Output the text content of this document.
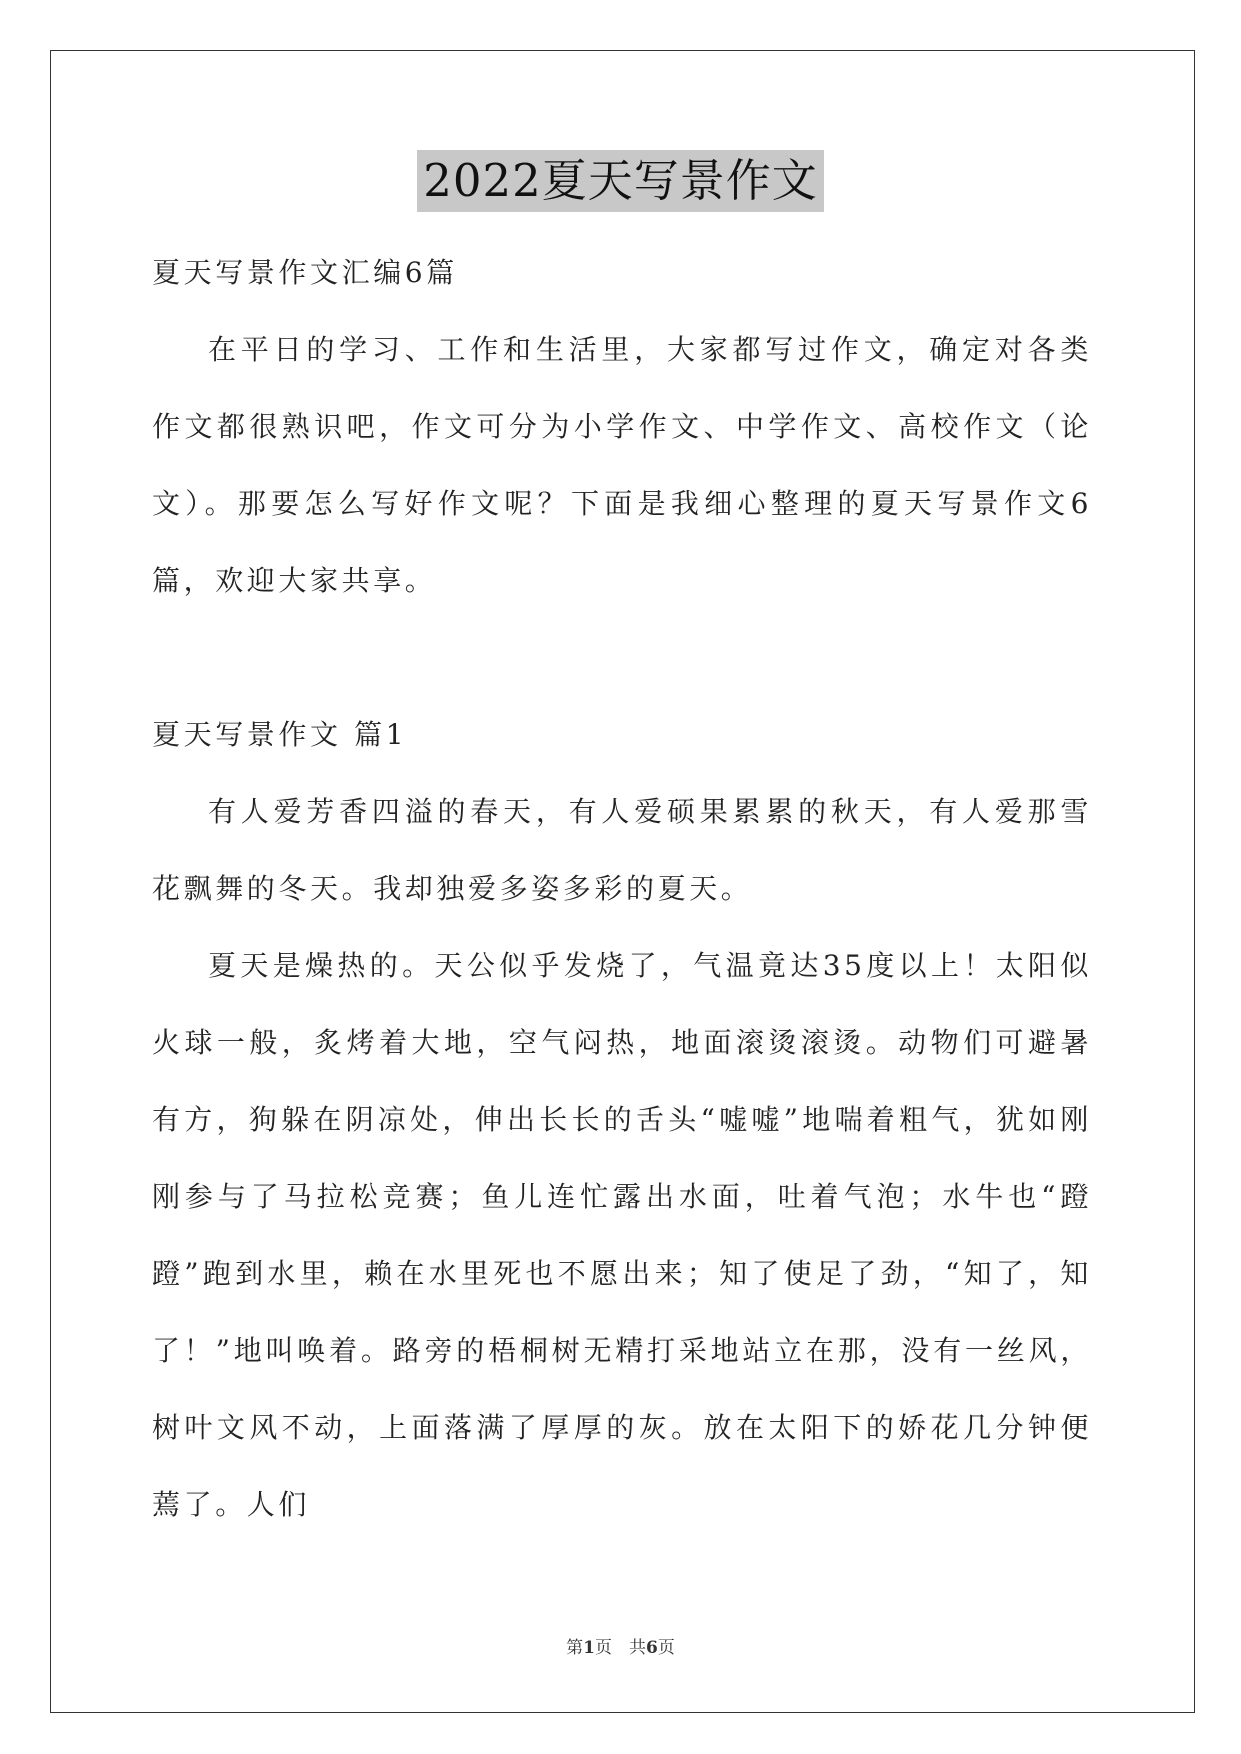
2022夏天写景作文

夏天写景作文汇编6篇

在平日的学习、工作和生活里，大家都写过作文，确定对各类作文都很熟识吧，作文可分为小学作文、中学作文、高校作文（论文）。那要怎么写好作文呢？下面是我细心整理的夏天写景作文6篇，欢迎大家共享。

夏天写景作文 篇1

有人爱芳香四溢的春天，有人爱硕果累累的秋天，有人爱那雪花飘舞的冬天。我却独爱多姿多彩的夏天。

夏天是燥热的。天公似乎发烧了，气温竟达35度以上！太阳似火球一般，炙烤着大地，空气闷热，地面滚烫滚烫。动物们可避暑有方，狗躲在阴凉处，伸出长长的舌头“嘘嘘”地喘着粗气，犹如刚刚参与了马拉松竞赛；鱼儿连忙露出水面，吐着气泡；水牛也“蹬蹬”跑到水里，赖在水里死也不愿出来；知了使足了劲，“知了，知了！”地叫唤着。路旁的梧桐树无精打采地站立在那，没有一丝风，树叶文风不动，上面落满了厚厚的灰。放在太阳下的娇花几分钟便蔫了。人们

第1页　共6页
